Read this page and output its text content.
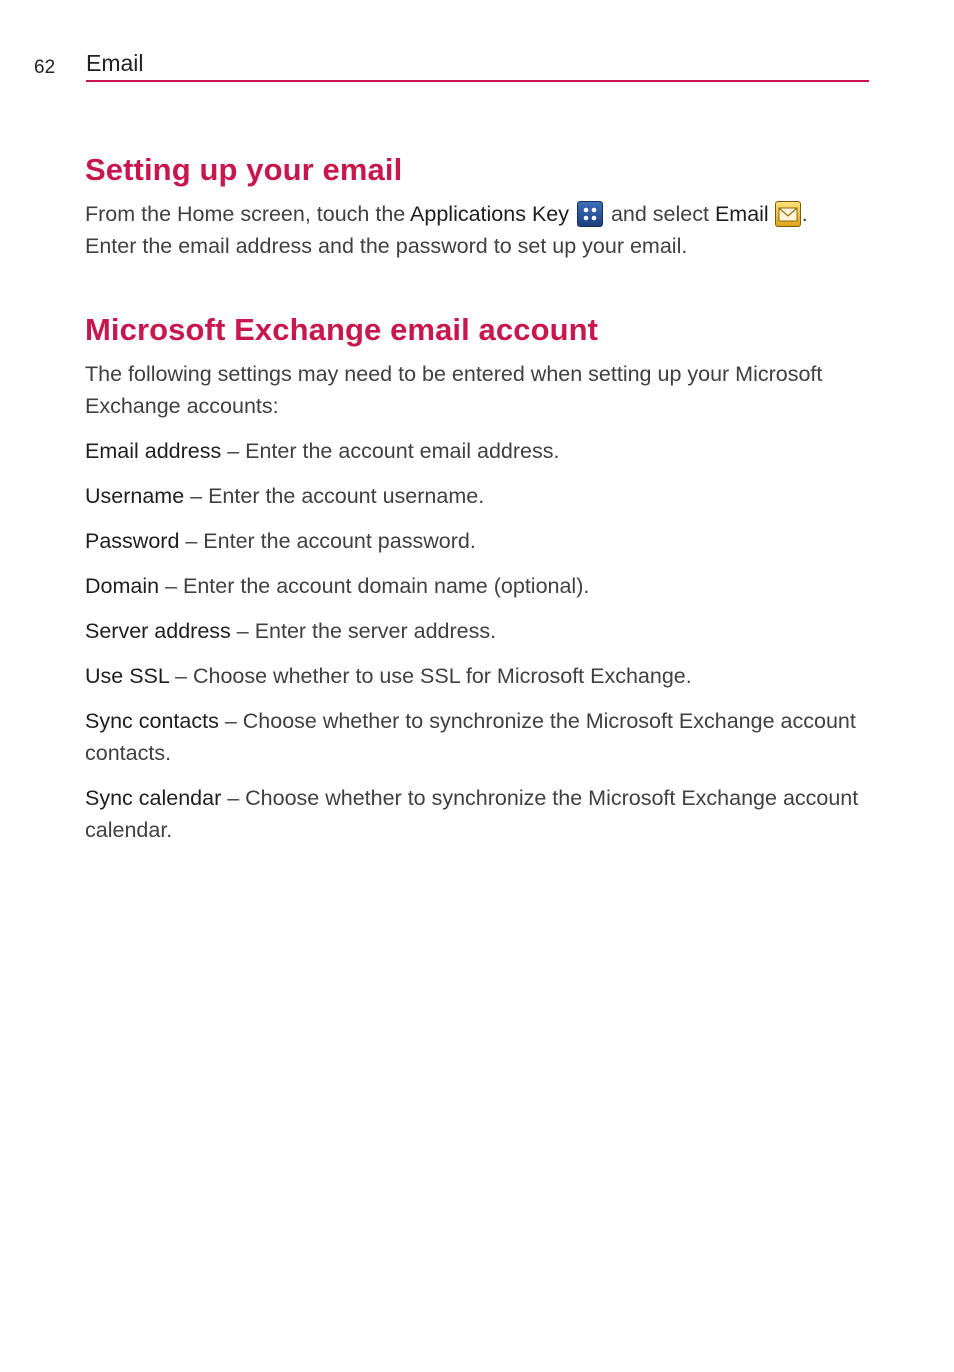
62 Email
Setting up your email

From the Home screen, touch the Applications Key
and select Email . Enter the email address and the password to set up your email.

Microsoft Exchange email account

The following settings may need to be entered when setting up your Microsoft Exchange accounts:

Email address – Enter the account email address.

Username – Enter the account username.

Password – Enter the account password.

Domain – Enter the account domain name (optional).

Server address – Enter the server address.

Use SSL – Choose whether to use SSL for Microsoft Exchange.

Sync contacts – Choose whether to synchronize the Microsoft Exchange account contacts.

Sync calendar – Choose whether to synchronize the Microsoft Exchange account calendar.
